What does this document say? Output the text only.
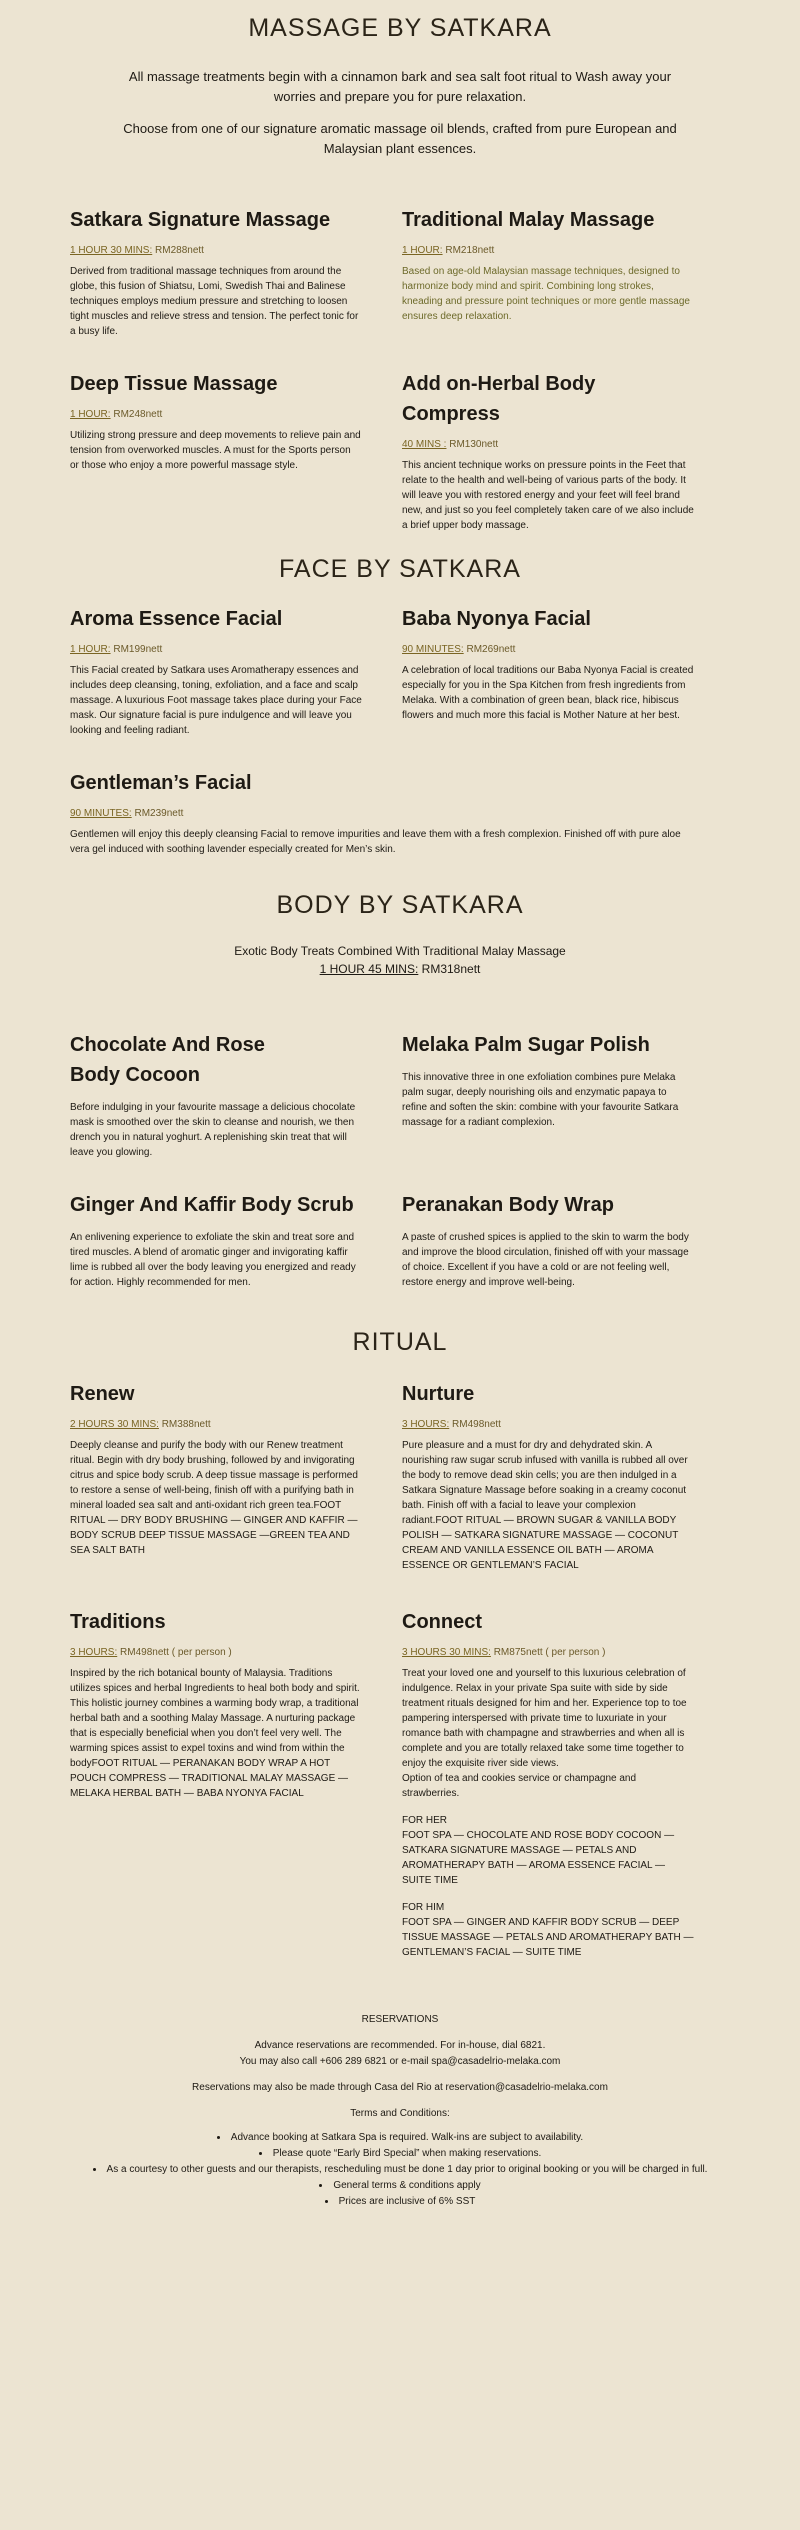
MASSAGE BY SATKARA

All massage treatments begin with a cinnamon bark and sea salt foot ritual to Wash away your worries and prepare you for pure relaxation.

Choose from one of our signature aromatic massage oil blends, crafted from pure European and Malaysian plant essences.

Satkara Signature Massage
1 HOUR 30 MINS: RM288nett

Derived from traditional massage techniques from around the globe, this fusion of Shiatsu, Lomi, Swedish Thai and Balinese techniques employs medium pressure and stretching to loosen tight muscles and relieve stress and tension. The perfect tonic for a busy life.

Traditional Malay Massage
1 HOUR: RM218nett

Based on age-old Malaysian massage techniques, designed to harmonize body mind and spirit. Combining long strokes, kneading and pressure point techniques or more gentle massage ensures deep relaxation.

Deep Tissue Massage
1 HOUR: RM248nett

Utilizing strong pressure and deep movements to relieve pain and tension from overworked muscles. A must for the Sports person or those who enjoy a more powerful massage style.

Add on-Herbal Body Compress
40 MINS : RM130nett

This ancient technique works on pressure points in the Feet that relate to the health and well-being of various parts of the body. It will leave you with restored energy and your feet will feel brand new, and just so you feel completely taken care of we also include a brief upper body massage.

FACE BY SATKARA
Aroma Essence Facial
1 HOUR: RM199nett

This Facial created by Satkara uses Aromatherapy essences and includes deep cleansing, toning, exfoliation, and a face and scalp massage. A luxurious Foot massage takes place during your Face mask. Our signature facial is pure indulgence and will leave you looking and feeling radiant.

Baba Nyonya Facial
90 MINUTES: RM269nett

A celebration of local traditions our Baba Nyonya Facial is created especially for you in the Spa Kitchen from fresh ingredients from Melaka. With a combination of green bean, black rice, hibiscus flowers and much more this facial is Mother Nature at her best.

Gentleman’s Facial
90 MINUTES: RM239nett

Gentlemen will enjoy this deeply cleansing Facial to remove impurities and leave them with a fresh complexion. Finished off with pure aloe vera gel induced with soothing lavender especially created for Men’s skin.

BODY BY SATKARA

Exotic Body Treats Combined With Traditional Malay Massage

1 HOUR 45 MINS: RM318nett

Chocolate And Rose Body Cocoon

Before indulging in your favourite massage a delicious chocolate mask is smoothed over the skin to cleanse and nourish, we then drench you in natural yoghurt. A replenishing skin treat that will leave you glowing.

Melaka Palm Sugar Polish

This innovative three in one exfoliation combines pure Melaka palm sugar, deeply nourishing oils and enzymatic papaya to refine and soften the skin: combine with your favourite Satkara massage for a radiant complexion.

Ginger And Kaffir Body Scrub

An enlivening experience to exfoliate the skin and treat sore and tired muscles. A blend of aromatic ginger and invigorating kaffir lime is rubbed all over the body leaving you energized and ready for action. Highly recommended for men.

Peranakan Body Wrap

A paste of crushed spices is applied to the skin to warm the body and improve the blood circulation, finished off with your massage of choice. Excellent if you have a cold or are not feeling well, restore energy and improve well-being.

RITUAL
Renew
2 HOURS 30 MINS: RM388nett

Deeply cleanse and purify the body with our Renew treatment ritual. Begin with dry body brushing, followed by and invigorating citrus and spice body scrub. A deep tissue massage is performed to restore a sense of well-being, finish off with a purifying bath in mineral loaded sea salt and anti-oxidant rich green tea.FOOT RITUAL — DRY BODY BRUSHING — GINGER AND KAFFIR — BODY SCRUB DEEP TISSUE MASSAGE —GREEN TEA AND SEA SALT BATH

Nurture
3 HOURS: RM498nett

Pure pleasure and a must for dry and dehydrated skin. A nourishing raw sugar scrub infused with vanilla is rubbed all over the body to remove dead skin cells; you are then indulged in a Satkara Signature Massage before soaking in a creamy coconut bath. Finish off with a facial to leave your complexion radiant.FOOT RITUAL — BROWN SUGAR & VANILLA BODY POLISH — SATKARA SIGNATURE MASSAGE — COCONUT CREAM AND VANILLA ESSENCE OIL BATH — AROMA ESSENCE OR GENTLEMAN’S FACIAL

Traditions
3 HOURS: RM498nett ( per person )

Inspired by the rich botanical bounty of Malaysia. Traditions utilizes spices and herbal Ingredients to heal both body and spirit. This holistic journey combines a warming body wrap, a traditional herbal bath and a soothing Malay Massage. A nurturing package that is especially beneficial when you don’t feel very well. The warming spices assist to expel toxins and wind from within the bodyFOOT RITUAL — PERANAKAN BODY WRAP A HOT POUCH COMPRESS — TRADITIONAL MALAY MASSAGE — MELAKA HERBAL BATH — BABA NYONYA FACIAL

Connect
3 HOURS 30 MINS: RM875nett ( per person )

Treat your loved one and yourself to this luxurious celebration of indulgence. Relax in your private Spa suite with side by side treatment rituals designed for him and her. Experience top to toe pampering interspersed with private time to luxuriate in your romance bath with champagne and strawberries and when all is complete and you are totally relaxed take some time together to enjoy the exquisite river side views.
Option of tea and cookies service or champagne and strawberries.

FOR HER

FOOT SPA — CHOCOLATE AND ROSE BODY COCOON — SATKARA SIGNATURE MASSAGE — PETALS AND AROMATHERAPY BATH — AROMA ESSENCE FACIAL — SUITE TIME

FOR HIM

FOOT SPA — GINGER AND KAFFIR BODY SCRUB — DEEP TISSUE MASSAGE — PETALS AND AROMATHERAPY BATH — GENTLEMAN’S FACIAL — SUITE TIME

RESERVATIONS

Advance reservations are recommended. For in-house, dial 6821.

You may also call +606 289 6821 or e-mail spa@casadelrio-melaka.com

Reservations may also be made through Casa del Rio at reservation@casadelrio-melaka.com

Terms and Conditions:

• Advance booking at Satkara Spa is required. Walk-ins are subject to availability.
• Please quote “Early Bird Special” when making reservations.
• As a courtesy to other guests and our therapists, rescheduling must be done 1 day prior to original booking or you will be charged in full.
• General terms & conditions apply
• Prices are inclusive of 6% SST
